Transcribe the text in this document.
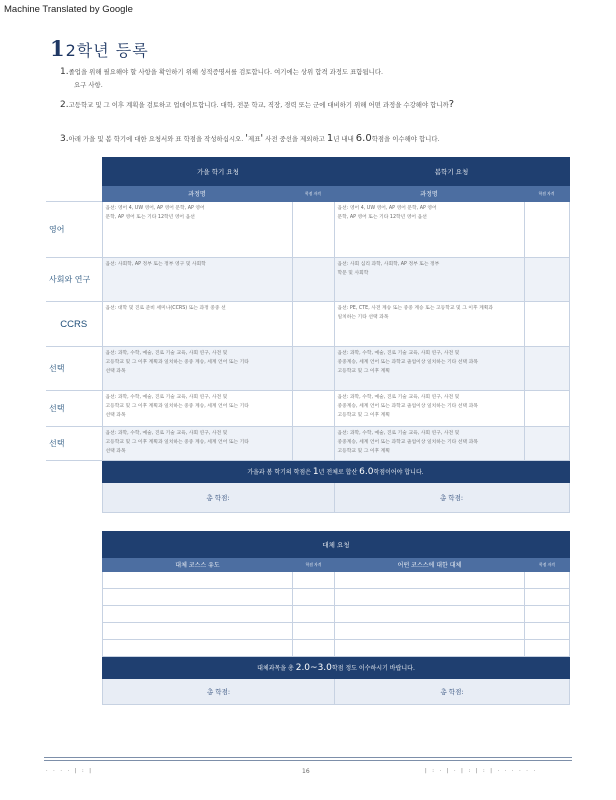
Machine Translated by Google
12학년 등록
1.졸업을 위해 필요해야 할 사항을 확인하기 위해 성적증명서를 검토합니다. 여기에는 상위 합격 과정도 표함됩니다.
요구 사항.
2.고등학교 및 그 이후 계획을 검토하고 업데이트합니다. 대학, 전문 학교, 직장, 경력 또는 군에 대비하기 위해 어떤 과정을 수강해야 합니까?
3.아래 가을 및 봄 학기에 대한 요청서와 표 학점을 작성하십시오. '제표' 사전 중선을 제외하고 1년 내내 6.0학점을 이수해야 합니다.
	가을 학기 요청		봄학기 요청	
	과정명	학점 자격	과정명	학점 자격
영어	옵션: 영어 4, UW 영어, AP 영어 문학, AP 영어
문학, AP 영어 또는 기타 12학년 영어 옵션		옵션: 영어 4, UW 영어, AP 영어 문학, AP 영어
문학, AP 영어 또는 기타 12학년 영어 옵션	

사회와 연구	옵션: 사회학, AP 정부 또는 정부 영구 및 사회학		옵션: 사회 심리 과학, 사회학, AP 정부 또는 정부
학문 및 사회학	

CCRS	옵션: 대학 및 진로 준비 세미나(CCRS) 또는 과정 중중 선		옵션: PE, CTE, 사전 계승 또는 중중 계승 또는 고등학교 및 그 이후 계획과
일치하는 기타 선택 과목	

선택	옵션: 과학, 수학, 예술, 진로 기술 교육, 사회 연구, 사전 및
고등학교 및 그 이후 계획과 일치하는 중중 계승, 세계 언어 또는 기타
선택 과목		옵션: 과학, 수학, 예술, 진로 기술 교육, 사회 연구, 사전 및
중중계승, 세계 언어 또는 과학교 졸업이상 일치하는 기타 선택 과목
고등학교 및 그 이후 계획	

선택	옵션: 과학, 수학, 예술, 진로 기술 교육, 사회 연구, 사전 및
고등학교 및 그 이후 계획과 일치하는 중중 계승, 세계 언어 또는 기타
선택 과목		옵션: 과학, 수학, 예술, 진로 기술 교육, 사회 연구, 사전 및
중중계승, 세계 언어 또는 과학교 졸업이상 일치하는 기타 선택 과목
고등학교 및 그 이후 계획	

선택	옵션: 과학, 수학, 예술, 진로 기술 교육, 사회 연구, 사전 및
고등학교 및 그 이후 계획과 일치하는 중중 계승, 세계 언어 또는 기타
선택 과목		옵션: 과학, 수학, 예술, 진로 기술 교육, 사회 연구, 사전 및
중중계승, 세계 언어 또는 과학교 졸업이상 일치하는 기타 선택 과목
고등학교 및 그 이후 계획	

	가을과 봄 학기의 학점은 1년 전체로 합산 6.0학점이어야 합니다.			
	총 학점:		총 학점:	
대체 요청			
대체 코스스 유도	학점 자격	어떤 코스스에 대한 대체	학점 자격

대체과목을 총 2.0~3.0학점 정도 이수하시기 바랍니다.			
총 학점:		총 학점:	
· · · · | : |	16	| : · | · | : | : | · · · · · ·
